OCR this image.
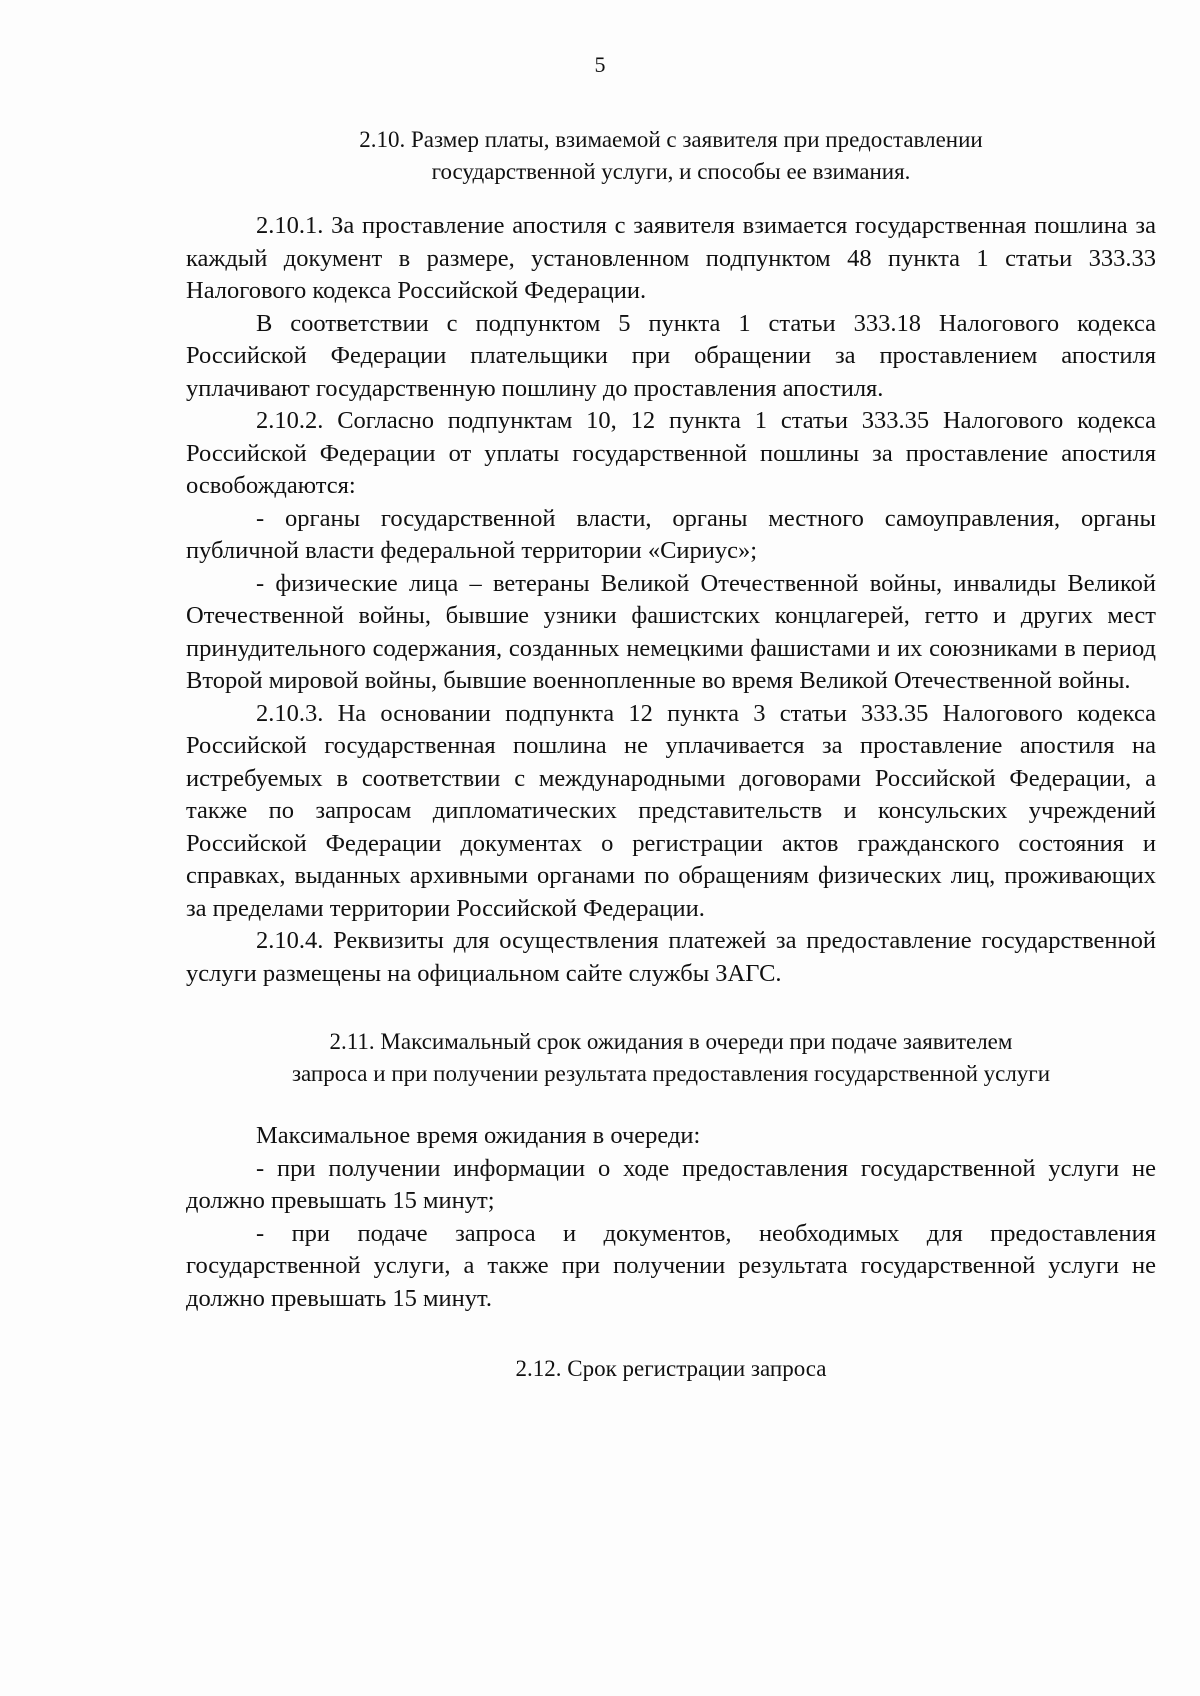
5
2.10. Размер платы, взимаемой с заявителя при предоставлении
государственной услуги, и способы ее взимания.

2.10.1. За проставление апостиля с заявителя взимается государственная пошлина за каждый документ в размере, установленном подпунктом 48 пункта 1 статьи 333.33 Налогового кодекса Российской Федерации.

В соответствии с подпунктом 5 пункта 1 статьи 333.18 Налогового кодекса Российской Федерации плательщики при обращении за проставлением апостиля уплачивают государственную пошлину до проставления апостиля.

2.10.2. Согласно подпунктам 10, 12 пункта 1 статьи 333.35 Налогового кодекса Российской Федерации от уплаты государственной пошлины за проставление апостиля освобождаются:

- органы государственной власти, органы местного самоуправления, органы публичной власти федеральной территории «Сириус»;

- физические лица – ветераны Великой Отечественной войны, инвалиды Великой Отечественной войны, бывшие узники фашистских концлагерей, гетто и других мест принудительного содержания, созданных немецкими фашистами и их союзниками в период Второй мировой войны, бывшие военнопленные во время Великой Отечественной войны.

2.10.3. На основании подпункта 12 пункта 3 статьи 333.35 Налогового кодекса Российской государственная пошлина не уплачивается за проставление апостиля на истребуемых в соответствии с международными договорами Российской Федерации, а также по запросам дипломатических представительств и консульских учреждений Российской Федерации документах о регистрации актов гражданского состояния и справках, выданных архивными органами по обращениям физических лиц, проживающих за пределами территории Российской Федерации.

2.10.4. Реквизиты для осуществления платежей за предоставление государственной услуги размещены на официальном сайте службы ЗАГС.

2.11. Максимальный срок ожидания в очереди при подаче заявителем
запроса и при получении результата предоставления государственной услуги

Максимальное время ожидания в очереди:

- при получении информации о ходе предоставления государственной услуги не должно превышать 15 минут;

- при подаче запроса и документов, необходимых для предоставления государственной услуги, а также при получении результата государственной услуги не должно превышать 15 минут.

2.12. Срок регистрации запроса
